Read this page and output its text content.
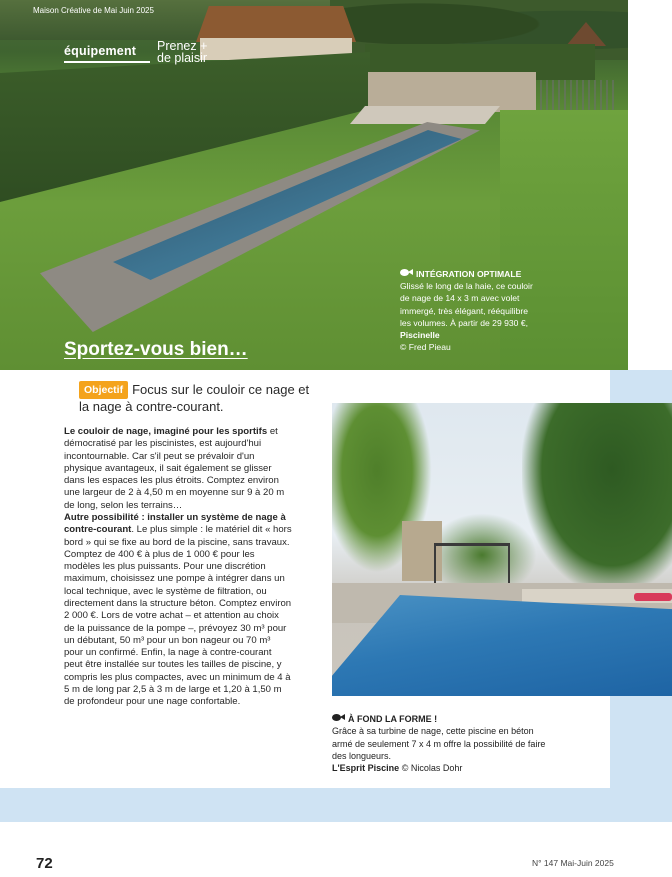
Maison Créative de Mai Juin 2025
équipement Prenez +
de plaisir
Sportez-vous bien…
INTÉGRATION OPTIMALE
Glissé le long de la haie, ce couloir de nage de 14 x 3 m avec volet immergé, très élégant, rééquilibre les volumes. À partir de 29 930 €, Piscinelle
© Fred Pieau
Objectif Focus sur le couloir ce nage et la nage à contre-courant.
Le couloir de nage, imaginé pour les sportifs et démocratisé par les piscinistes, est aujourd'hui incontournable. Car s'il peut se prévaloir d'un physique avantageux, il sait également se glisser dans les espaces les plus étroits. Comptez environ une largeur de 2 à 4,50 m en moyenne sur 9 à 20 m de long, selon les terrains…
Autre possibilité : installer un système de nage à contre-courant. Le plus simple : le matériel dit « hors bord » qui se fixe au bord de la piscine, sans travaux. Comptez de 400 € à plus de 1 000 € pour les modèles les plus puissants. Pour une discrétion maximum, choisissez une pompe à intégrer dans un local technique, avec le système de filtration, ou directement dans la structure béton. Comptez environ 2 000 €. Lors de votre achat – et attention au choix de la puissance de la pompe –, prévoyez 30 m³ pour un débutant, 50 m³ pour un bon nageur ou 70 m³ pour un confirmé. Enfin, la nage à contre-courant peut être installée sur toutes les tailles de piscine, y compris les plus compactes, avec un minimum de 4 à 5 m de long par 2,5 à 3 m de large et 1,20 à 1,50 m de profondeur pour une nage confortable.
À FOND LA FORME !
Grâce à sa turbine de nage, cette piscine en béton armé de seulement 7 x 4 m offre la possibilité de faire des longueurs.
L'Esprit Piscine © Nicolas Dohr
72	N° 147 Mai-Juin 2025
